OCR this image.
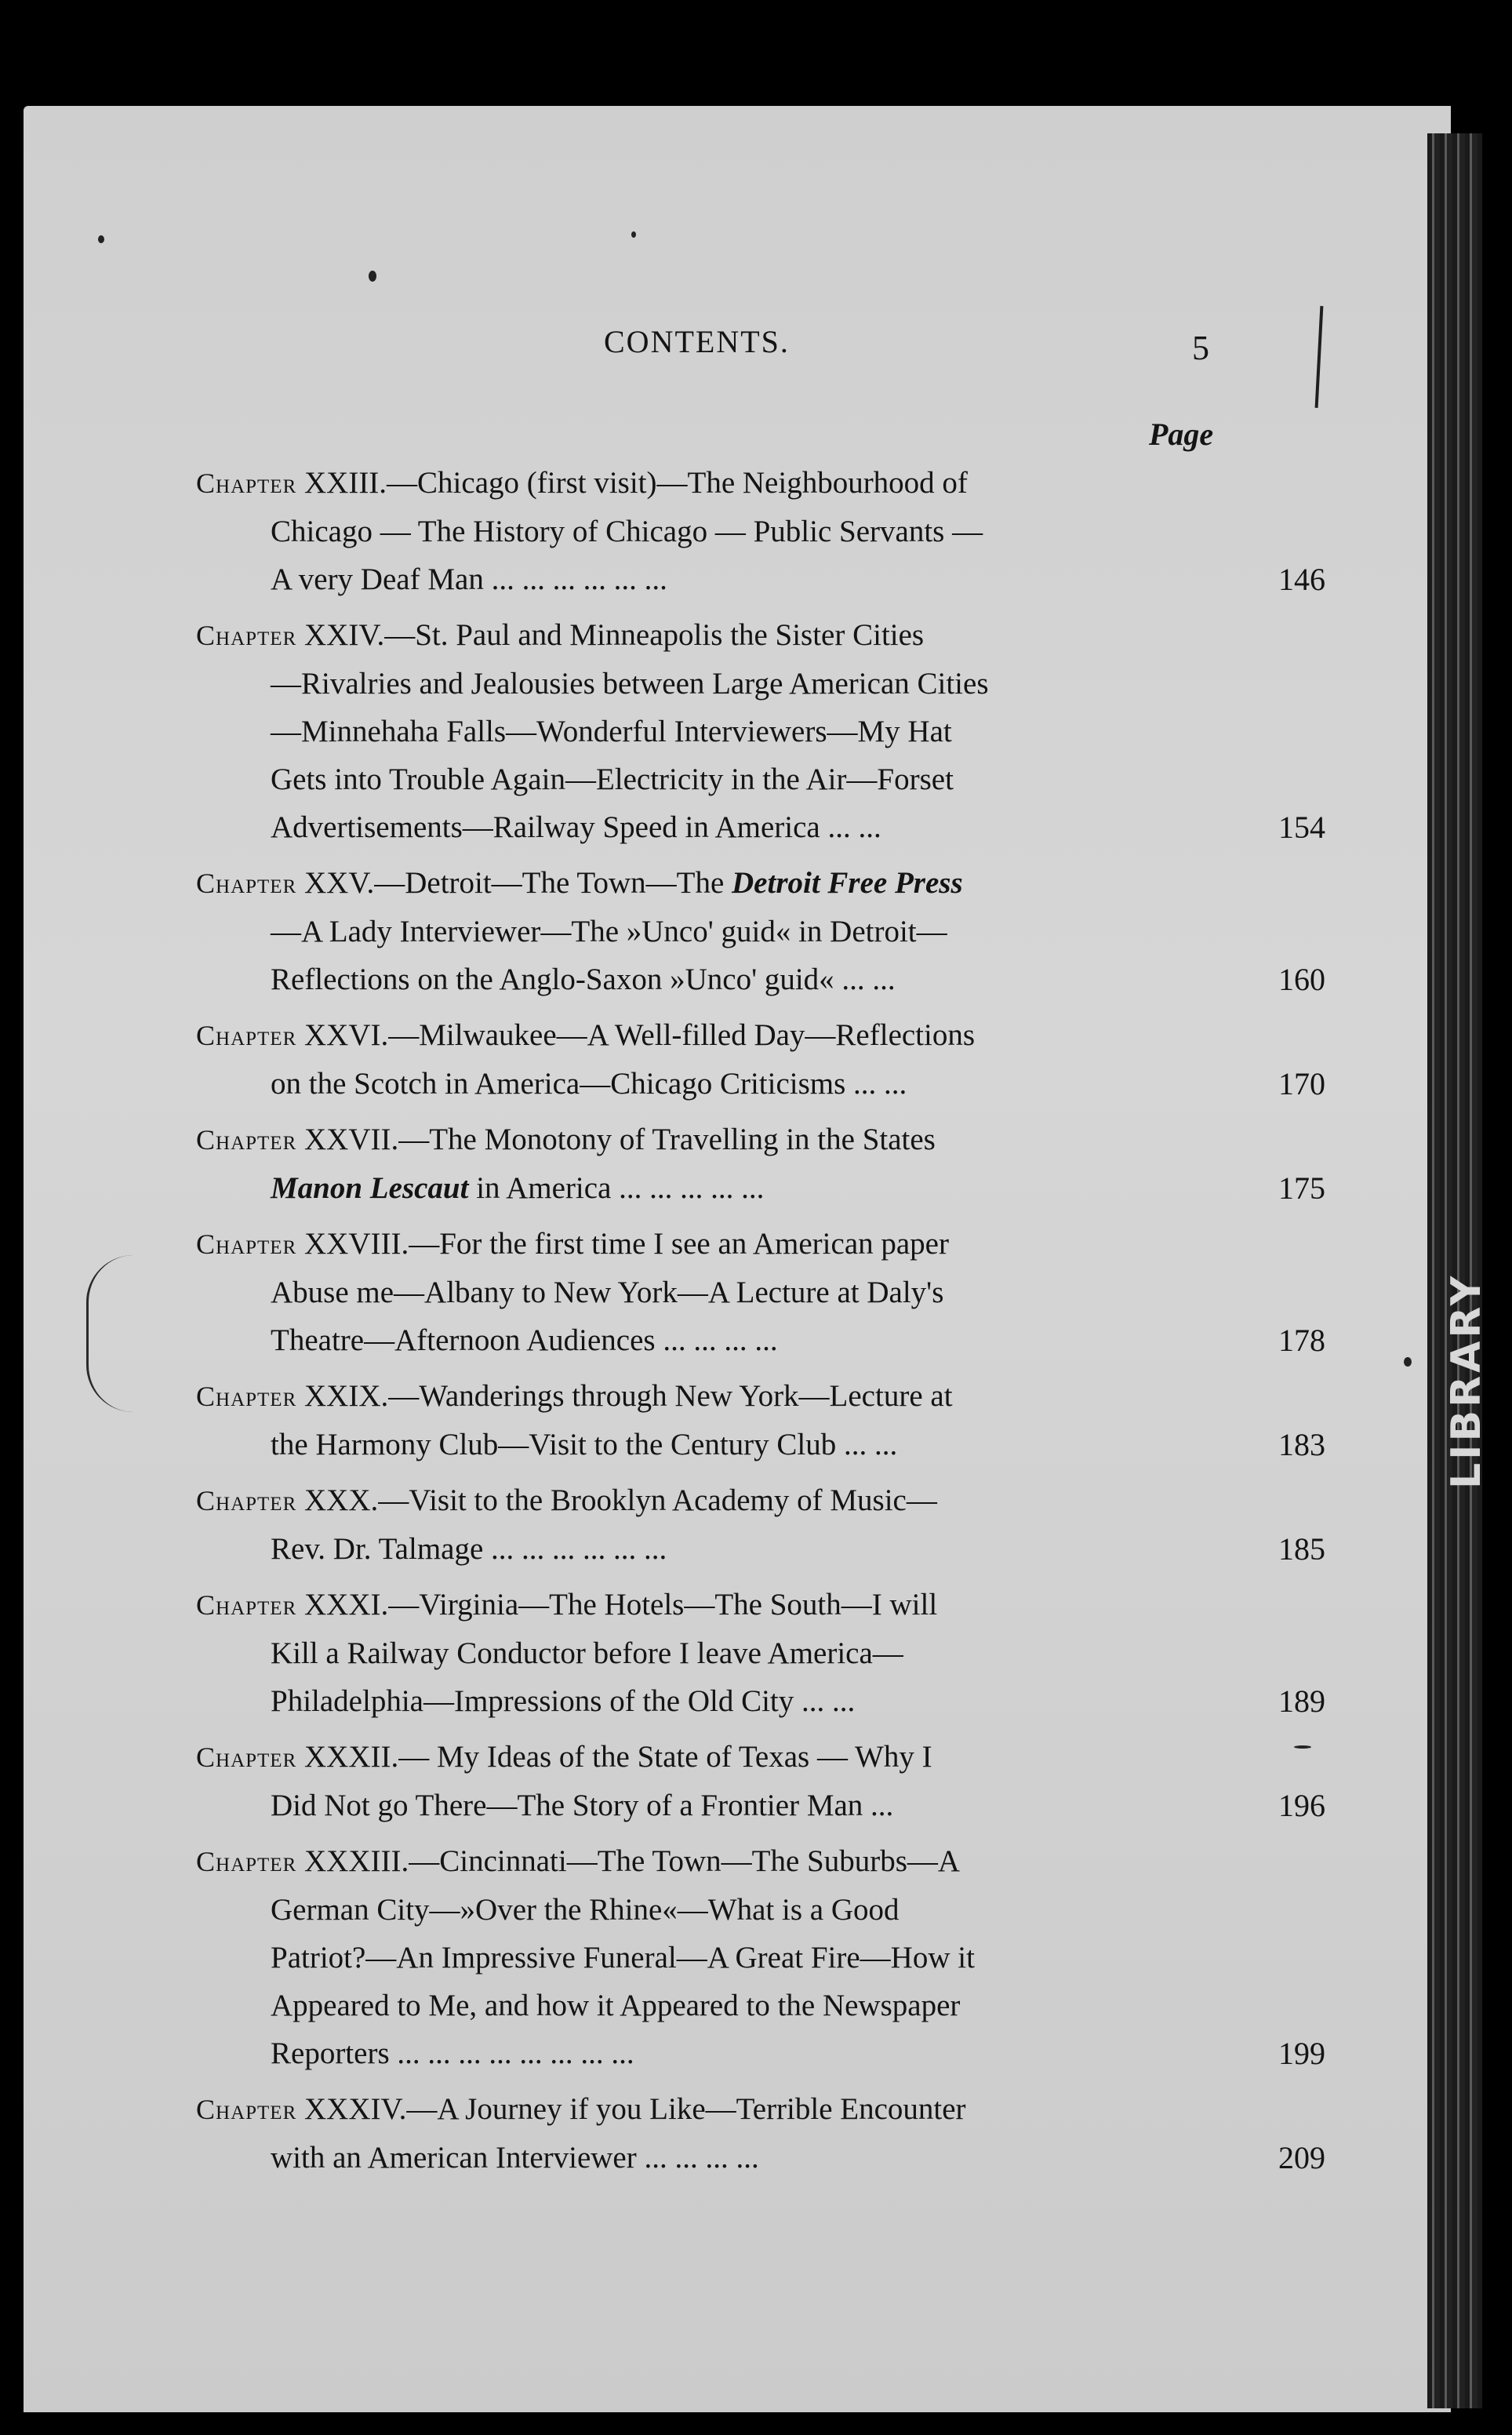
LIBRARY
CONTENTS.	5
Page
Chapter XXIII.—Chicago (first visit)—The Neighbourhood of
Chicago — The History of Chicago — Public Servants —
A very Deaf Man ... ... ... ... ... ...	146
Chapter XXIV.—St. Paul and Minneapolis the Sister Cities
—Rivalries and Jealousies between Large American Cities
—Minnehaha Falls—Wonderful Interviewers—My Hat
Gets into Trouble Again—Electricity in the Air—Forset
Advertisements—Railway Speed in America ... ...	154
Chapter XXV.—Detroit—The Town—The Detroit Free Press
—A Lady Interviewer—The »Unco' guid« in Detroit—
Reflections on the Anglo-Saxon »Unco' guid« ... ...	160
Chapter XXVI.—Milwaukee—A Well-filled Day—Reflections
on the Scotch in America—Chicago Criticisms ... ...	170
Chapter XXVII.—The Monotony of Travelling in the States
Manon Lescaut in America ... ... ... ... ...	175
Chapter XXVIII.—For the first time I see an American paper
Abuse me—Albany to New York—A Lecture at Daly's
Theatre—Afternoon Audiences ... ... ... ...	178
Chapter XXIX.—Wanderings through New York—Lecture at
the Harmony Club—Visit to the Century Club ... ...	183
Chapter XXX.—Visit to the Brooklyn Academy of Music—
Rev. Dr. Talmage ... ... ... ... ... ...	185
Chapter XXXI.—Virginia—The Hotels—The South—I will
Kill a Railway Conductor before I leave America—
Philadelphia—Impressions of the Old City ... ...	189
Chapter XXXII.— My Ideas of the State of Texas — Why I
Did Not go There—The Story of a Frontier Man ...	196
Chapter XXXIII.—Cincinnati—The Town—The Suburbs—A
German City—»Over the Rhine«—What is a Good
Patriot?—An Impressive Funeral—A Great Fire—How it
Appeared to Me, and how it Appeared to the Newspaper
Reporters ... ... ... ... ... ... ... ...	199
Chapter XXXIV.—A Journey if you Like—Terrible Encounter
with an American Interviewer ... ... ... ...	209
